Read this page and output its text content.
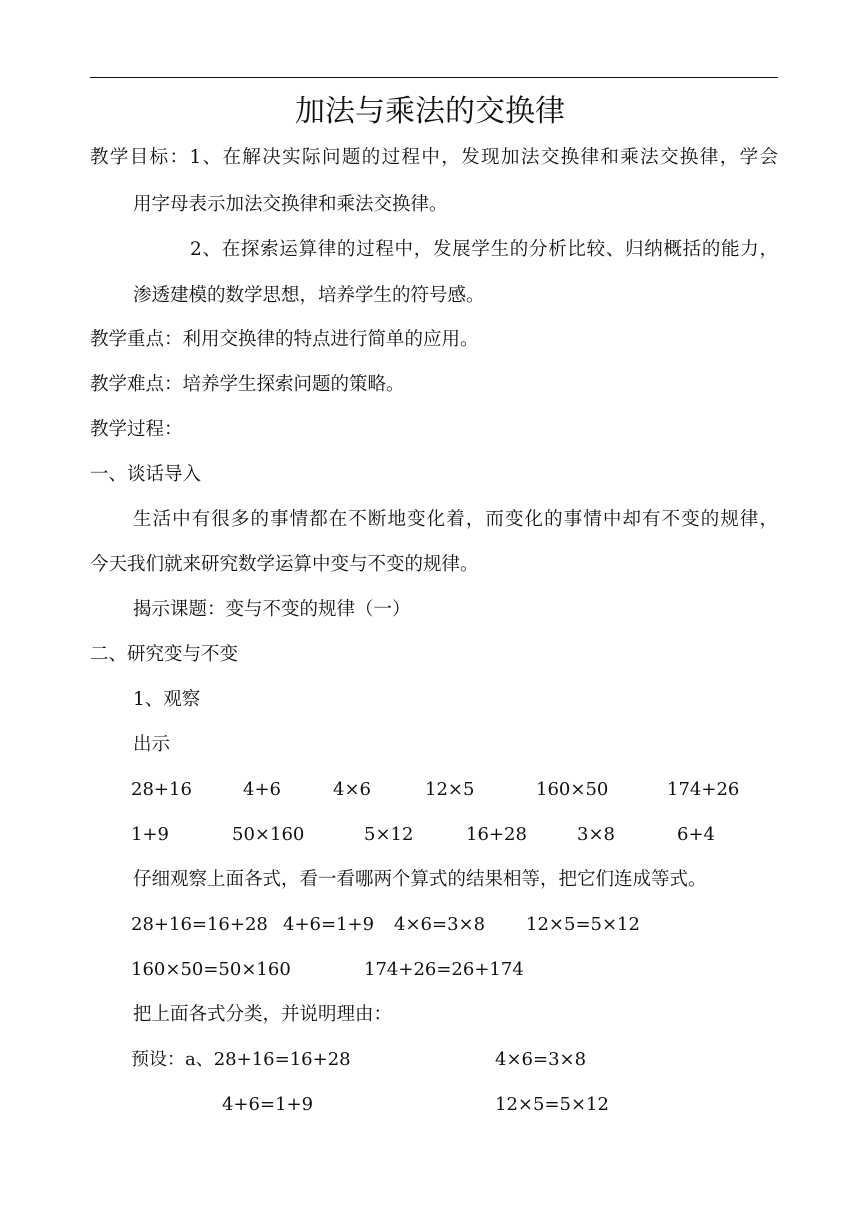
加法与乘法的交换律
教学目标：1、在解决实际问题的过程中，发现加法交换律和乘法交换律，学会
用字母表示加法交换律和乘法交换律。
2、在探索运算律的过程中，发展学生的分析比较、归纳概括的能力，
渗透建模的数学思想，培养学生的符号感。
教学重点：利用交换律的特点进行简单的应用。
教学难点：培养学生探索问题的策略。
教学过程：
一、谈话导入
生活中有很多的事情都在不断地变化着，而变化的事情中却有不变的规律，
今天我们就来研究数学运算中变与不变的规律。
揭示课题：变与不变的规律（一）
二、研究变与不变
1、观察
出示
28+16	4+6	4×6	12×5	160×50	174+26
1+9	50×160	5×12	16+28	3×8	6+4
仔细观察上面各式，看一看哪两个算式的结果相等，把它们连成等式。
28+16=16+28 4+6=1+9 4×6=3×8 12×5=5×12
160×50=50×160	174+26=26+174
把上面各式分类，并说明理由：
预设：a、28+16=16+28	4×6=3×8
4+6=1+9	12×5=5×12
